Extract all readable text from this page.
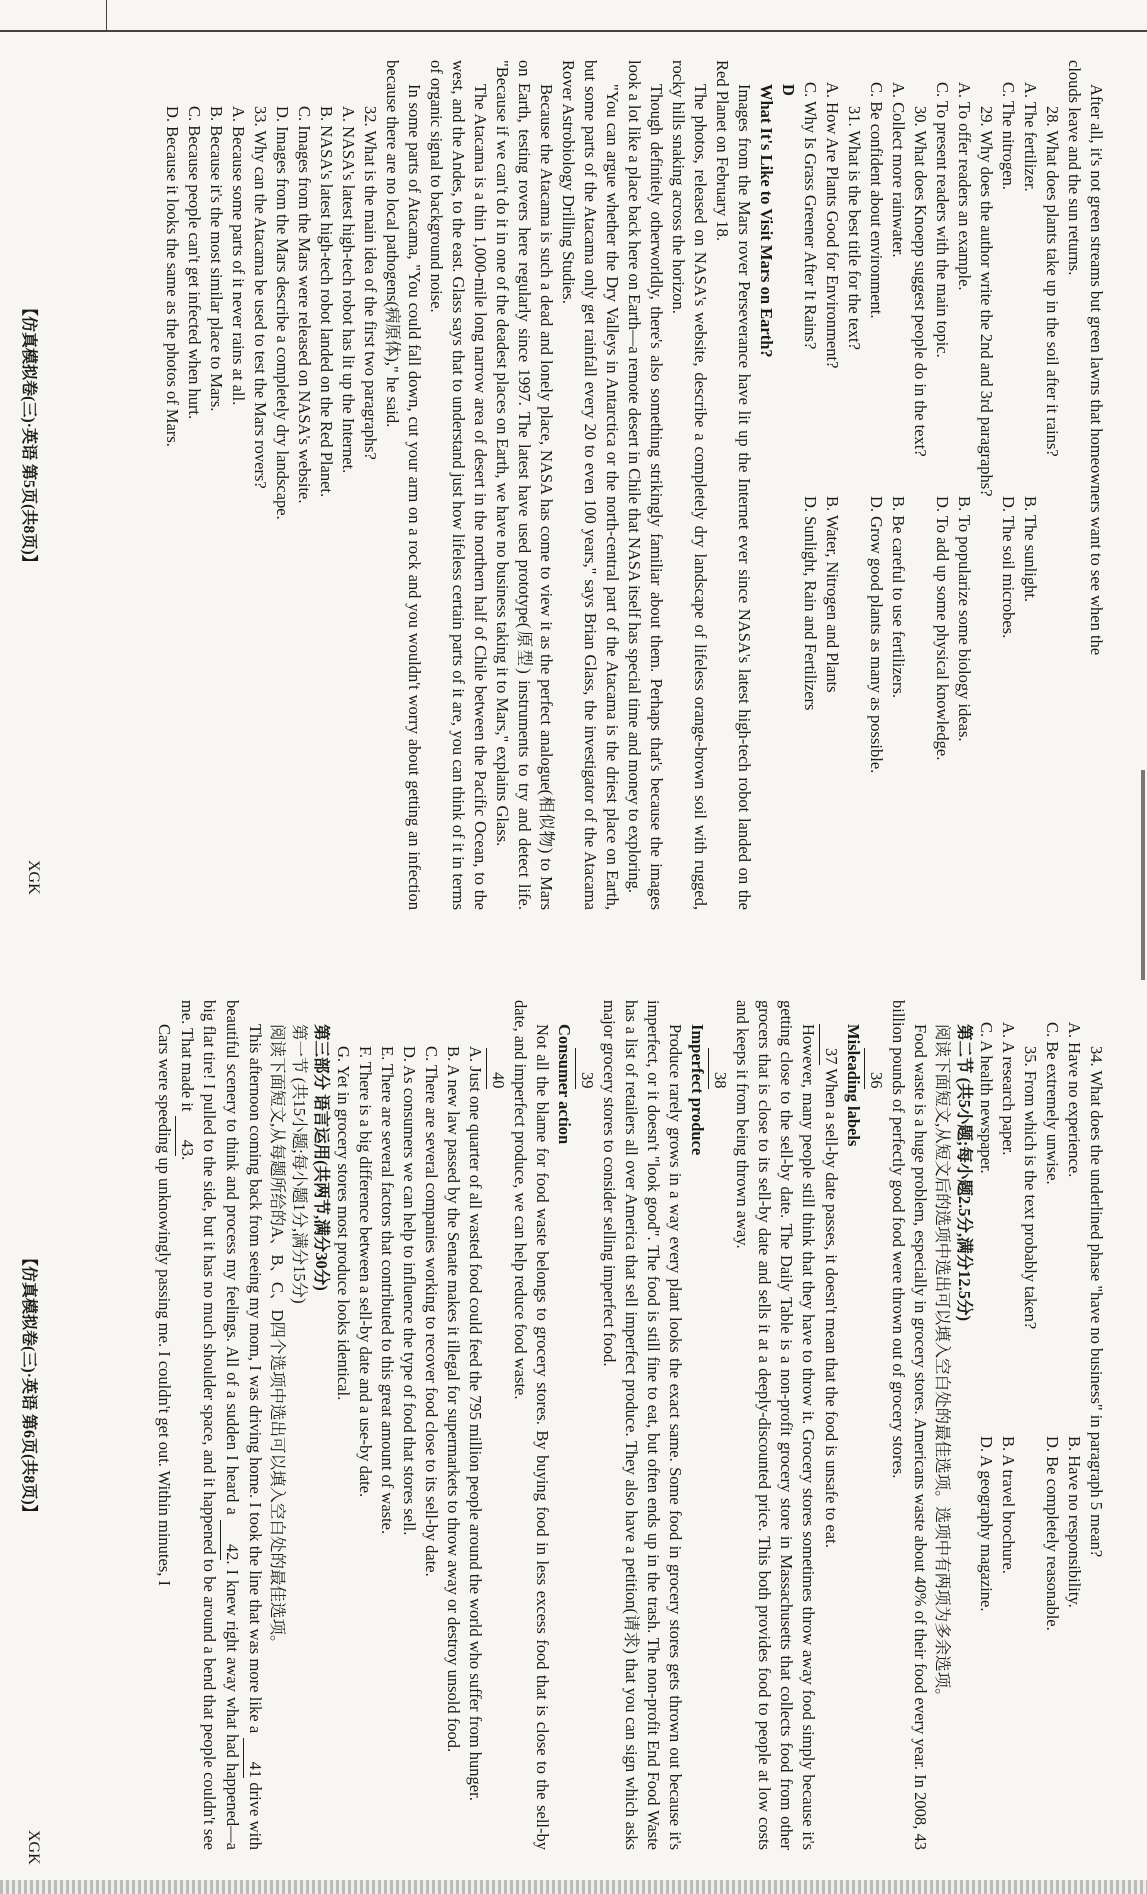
After all, it's not green streams but green lawns that homeowners want to see when the

clouds leave and the sun returns.

28. What does plants take up in the soil after it rains?

A. The fertilizer.
B. The sunlight.
C. The nitrogen.
D. The soil microbes.

29. Why does the author write the 2nd and 3rd paragraphs?

A. To offer readers an example.
B. To popularize some biology ideas.
C. To present readers with the main topic.
D. To add up some physical knowledge.

30. What does Knoepp suggest people do in the text?

A. Collect more rainwater.
B. Be careful to use fertilizers.
C. Be confident about environment.
D. Grow good plants as many as possible.

31. What is the best title for the text?

A. How Are Plants Good for Environment?
B. Water, Nitrogen and Plants
C. Why Is Grass Greener After It Rains?
D. Sunlight, Rain and Fertilizers

D

What It's Like to Visit Mars on Earth?

Images from the Mars rover Perseverance have lit up the Internet ever since NASA's latest high-tech robot landed on the Red Planet on February 18.

The photos, released on NASA's website, describe a completely dry landscape of lifeless orange-brown soil with rugged, rocky hills snaking across the horizon.

Though definitely otherworldly, there's also something strikingly familiar about them. Perhaps that's because the images look a lot like a place back here on Earth—a remote desert in Chile that NASA itself has special time and money to exploring.

"You can argue whether the Dry Valleys in Antarctica or the north-central part of the Atacama is the driest place on Earth, but some parts of the Atacama only get rainfall every 20 to even 100 years," says Brian Glass, the investigator of the Atacama Rover Astrobiology Drilling Studies.

Because the Atacama is such a dead and lonely place, NASA has come to view it as the perfect analogue(相似物) to Mars on Earth, testing rovers here regularly since 1997. The latest have used prototype(原型) instruments to try and detect life. "Because if we can't do it in one of the deadest places on Earth, we have no business taking it to Mars," explains Glass.

The Atacama is a thin 1,000-mile long narrow area of desert in the northern half of Chile between the Pacific Ocean, to the west, and the Andes, to the east. Glass says that to understand just how lifeless certain parts of it are, you can think of it in terms of organic signal to background noise.

In some parts of Atacama, "You could fall down, cut your arm on a rock and you wouldn't worry about getting an infection because there are no local pathogens(病原体)," he said.

32. What is the main idea of the first two paragraphs?

A. NASA's latest high-tech robot has lit up the Internet.

B. NASA's latest high-tech robot landed on the Red Planet.

C. Images from the Mars were released on NASA's website.

D. Images from the Mars describe a completely dry landscape.

33. Why can the Atacama be used to test the Mars rovers?

A. Because some parts of it never rains at all.

B. Because it's the most similar place to Mars.

C. Because people can't get infected when hurt.

D. Because it looks the same as the photos of Mars.

【仿真模拟卷(三)·英语 第5页(共8页)】
XGK

34. What does the underlined phase "have no business" in paragraph 5 mean?

A. Have no experience.
B. Have no responsibility.
C. Be extremely unwise.
D. Be completely reasonable.

35. From which is the text probably taken?

A. A research paper.
B. A travel brochure.
C. A health newspaper.
D. A geography magazine.

第二节 (共5小题;每小题2.5分,满分12.5分)

阅读下面短文,从短文后的选项中选出可以填入空白处的最佳选项。选项中有两项为多余选项。

Food waste is a huge problem, especially in grocery stores. Americans waste about 40% of their food every year. In 2008, 43 billion pounds of perfectly good food were thrown out of grocery stores.

36

Misleading labels

37 When a sell-by date passes, it doesn't mean that the food is unsafe to eat.

However, many people still think that they have to throw it. Grocery stores sometimes throw away food simply because it's getting close to the sell-by date. The Daily Table is a non-profit grocery store in Massachusetts that collects food from other grocers that is close to its sell-by date and sells it at a deeply-discounted price. This both provides food to people at low costs and keeps it from being thrown away.

38

Imperfect produce

Produce rarely grows in a way every plant looks the exact same. Some food in grocery stores gets thrown out because it's imperfect, or it doesn't "look good". The food is still fine to eat, but often ends up in the trash. The non-profit End Food Waste has a list of retailers all over America that sell imperfect produce. They also have a petition(请求) that you can sign which asks major grocery stores to consider selling imperfect food.

39

Consumer action

Not all the blame for food waste belongs to grocery stores. By buying food in less excess food that is close to the sell-by date, and imperfect produce, we can help reduce food waste.

40

A. Just one quarter of all wasted food could feed the 795 million people around the world who suffer from hunger.

B. A new law passed by the Senate makes it illegal for supermarkets to throw away or destroy unsold food.

C. There are several companies working to recover food close to its sell-by date.

D. As consumers we can help to influence the type of food that stores sell.

E. There are several factors that contributed to this great amount of waste.

F. There is a big difference between a sell-by date and a use-by date.

G. Yet in grocery stores most produce looks identical.

第三部分 语言运用(共两节,满分30分)

第一节 (共15小题;每小题1分,满分15分)

阅读下面短文,从每题所给的A、B、C、D四个选项中选出可以填入空白处的最佳选项。

This afternoon coming back from seeing my mom, I was driving home. I took the line that was more like a 41 drive with beautiful scenery to think and process my feelings. All of a sudden I heard a 42. I knew right away what had happened—a big flat tire! I pulled to the side, but it has no much shoulder space, and it happened to be around a bend that people couldn't see me. That made it 43.

Cars were speeding up unknowingly passing me. I couldn't get out. Within minutes, I

【仿真模拟卷(三)·英语 第6页(共8页)】
XGK
